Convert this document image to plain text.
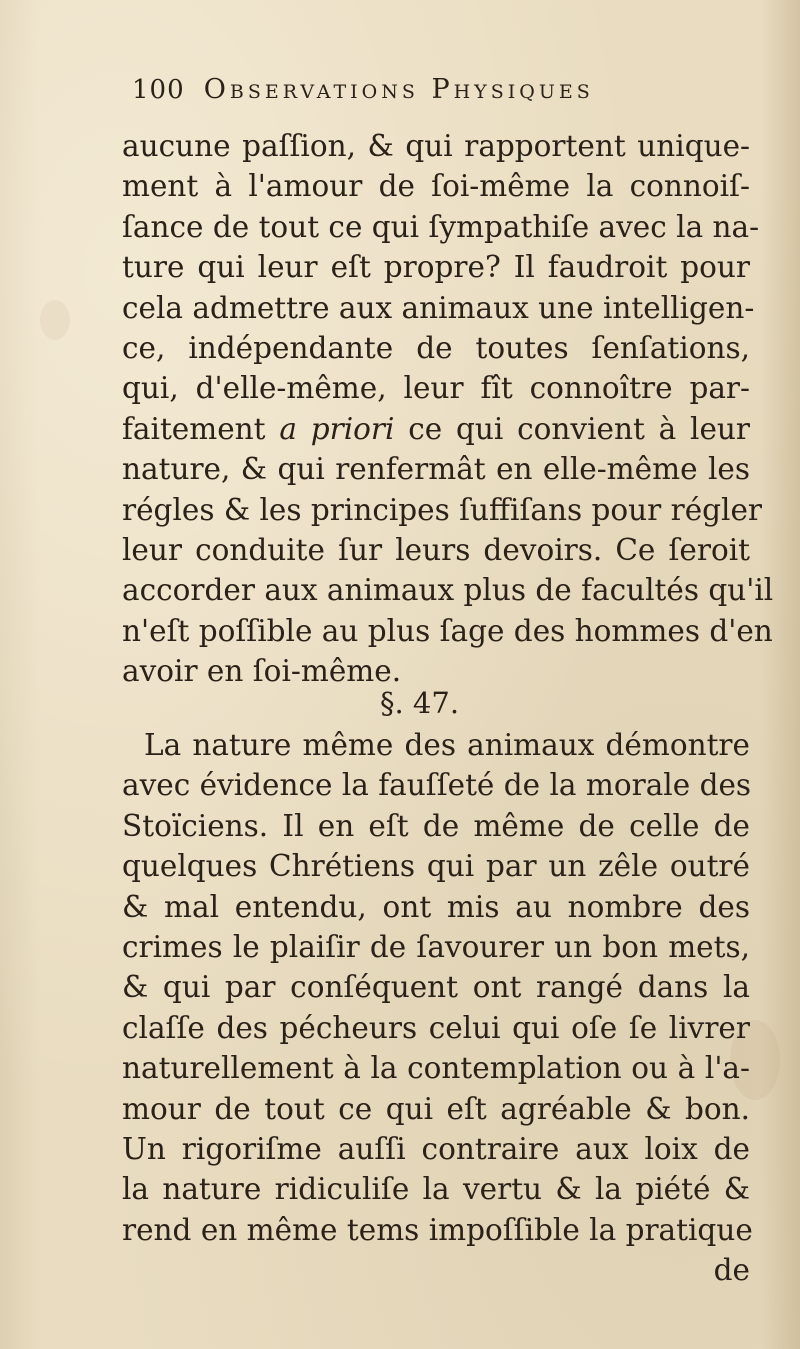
100 Observations Physiques
aucune paſſion, & qui rapportent unique-
ment à l'amour de ſoi-même la connoiſ-
ſance de tout ce qui ſympathiſe avec la na-
ture qui leur eſt propre? Il faudroit pour
cela admettre aux animaux une intelligen-
ce, indépendante de toutes ſenſations,
qui, d'elle-même, leur fît connoître par-
faitement a priori ce qui convient à leur
nature, & qui renfermât en elle-même les
régles & les principes ſuffiſans pour régler
leur conduite ſur leurs devoirs. Ce ſeroit
accorder aux animaux plus de facultés qu'il
n'eſt poſſible au plus ſage des hommes d'en
avoir en ſoi-même.
§. 47.
La nature même des animaux démontre
avec évidence la fauſſeté de la morale des
Stoïciens. Il en eſt de même de celle de
quelques Chrétiens qui par un zêle outré
& mal entendu, ont mis au nombre des
crimes le plaiſir de ſavourer un bon mets,
& qui par conſéquent ont rangé dans la
claſſe des pécheurs celui qui oſe ſe livrer
naturellement à la contemplation ou à l'a-
mour de tout ce qui eſt agréable & bon.
Un rigoriſme auſſi contraire aux loix de
la nature ridiculiſe la vertu & la piété &
rend en même tems impoſſible la pratique
de
